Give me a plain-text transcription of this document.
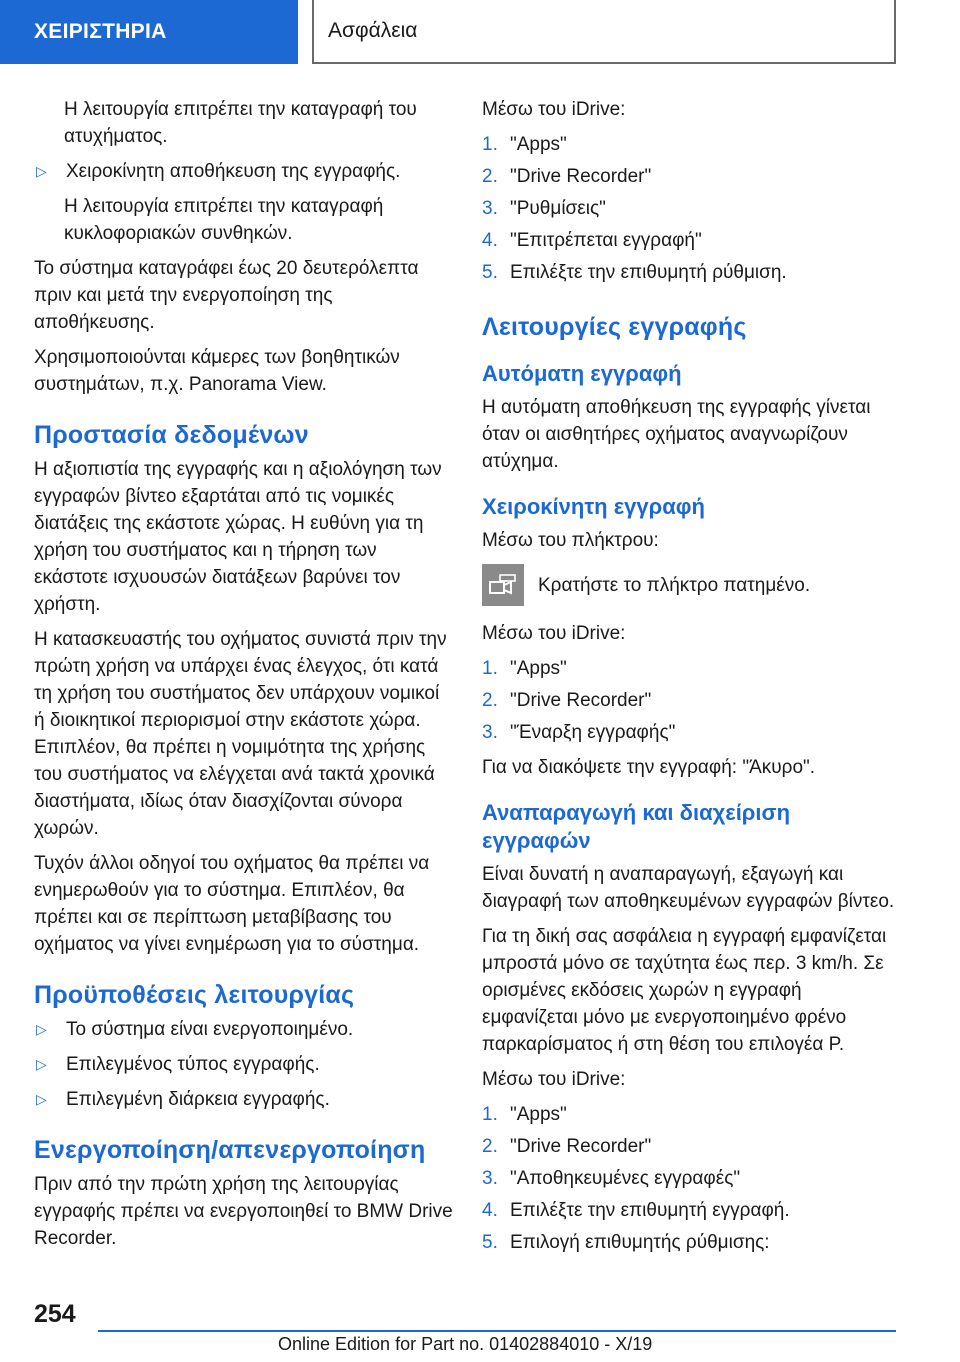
ΧΕΙΡΙΣΤΗΡΙΑ	Ασφάλεια

Η λειτουργία επιτρέπει την καταγραφή του ατυχήματος.

▷	Χειροκίνητη αποθήκευση της εγγραφής.

Η λειτουργία επιτρέπει την καταγραφή κυκλοφοριακών συνθηκών.

Το σύστημα καταγράφει έως 20 δευτερόλεπτα πριν και μετά την ενεργοποίηση της αποθήκευσης.

Χρησιμοποιούνται κάμερες των βοηθητικών συστημάτων, π.χ. Panorama View.

Προστασία δεδομένων

Η αξιοπιστία της εγγραφής και η αξιολόγηση των εγγραφών βίντεο εξαρτάται από τις νομικές διατάξεις της εκάστοτε χώρας. Η ευθύνη για τη χρήση του συστήματος και η τήρηση των εκάστοτε ισχυουσών διατάξεων βαρύνει τον χρήστη.

Η κατασκευαστής του οχήματος συνιστά πριν την πρώτη χρήση να υπάρχει ένας έλεγχος, ότι κατά τη χρήση του συστήματος δεν υπάρχουν νομικοί ή διοικητικοί περιορισμοί στην εκάστοτε χώρα. Επιπλέον, θα πρέπει η νομιμότητα της χρήσης του συστήματος να ελέγχεται ανά τακτά χρονικά διαστήματα, ιδίως όταν διασχίζονται σύνορα χωρών.

Τυχόν άλλοι οδηγοί του οχήματος θα πρέπει να ενημερωθούν για το σύστημα. Επιπλέον, θα πρέπει και σε περίπτωση μεταβίβασης του οχήματος να γίνει ενημέρωση για το σύστημα.

Προϋποθέσεις λειτουργίας
▷	Το σύστημα είναι ενεργοποιημένο.
▷	Επιλεγμένος τύπος εγγραφής.
▷	Επιλεγμένη διάρκεια εγγραφής.
Ενεργοποίηση/απενεργοποίηση

Πριν από την πρώτη χρήση της λειτουργίας εγγραφής πρέπει να ενεργοποιηθεί το BMW Drive Recorder.

Μέσω του iDrive:

1. "Apps"
2. "Drive Recorder"
3. "Ρυθμίσεις"
4. "Επιτρέπεται εγγραφή"
5. Επιλέξτε την επιθυμητή ρύθμιση.
Λειτουργίες εγγραφής
Αυτόματη εγγραφή

Η αυτόματη αποθήκευση της εγγραφής γίνεται όταν οι αισθητήρες οχήματος αναγνωρίζουν ατύχημα.

Χειροκίνητη εγγραφή

Μέσω του πλήκτρου:

Κρατήστε το πλήκτρο πατημένο.

Μέσω του iDrive:

1. "Apps"
2. "Drive Recorder"
3. "Έναρξη εγγραφής"

Για να διακόψετε την εγγραφή: "Άκυρο".

Αναπαραγωγή και διαχείριση εγγραφών

Είναι δυνατή η αναπαραγωγή, εξαγωγή και διαγραφή των αποθηκευμένων εγγραφών βίντεο.

Για τη δική σας ασφάλεια η εγγραφή εμφανίζεται μπροστά μόνο σε ταχύτητα έως περ. 3 km/h. Σε ορισμένες εκδόσεις χωρών η εγγραφή εμφανίζεται μόνο με ενεργοποιημένο φρένο παρκαρίσματος ή στη θέση του επιλογέα P.

Μέσω του iDrive:

1. "Apps"
2. "Drive Recorder"
3. "Αποθηκευμένες εγγραφές"
4. Επιλέξτε την επιθυμητή εγγραφή.
5. Επιλογή επιθυμητής ρύθμισης:
254
Online Edition for Part no. 01402884010 - X/19
